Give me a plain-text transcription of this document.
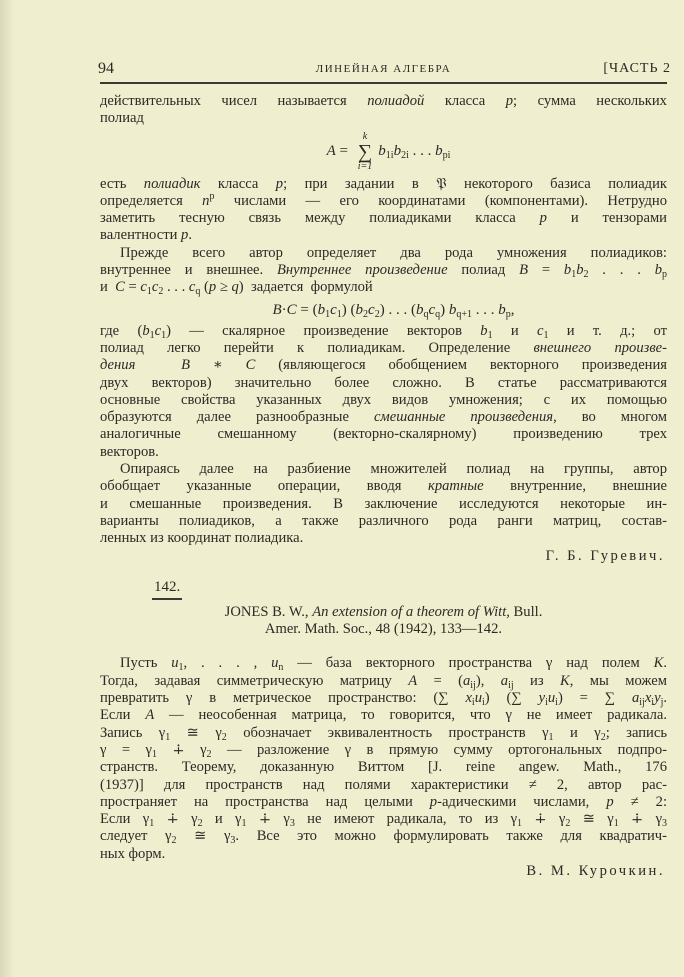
94	ЛИНЕЙНАЯ АЛГЕБРА	[ЧАСТЬ 2
действительных чисел называется полиадой класса p; сумма нескольких
полиад
A =
k
∑
i=1
$b_{1i}b_{2i}$ . . . $b_{pi}$
есть полиадик класса p; при задании в 𝔓 некоторого базиса полиадик
определяется $n^p$ числами — его координатами (компонентами). Нетрудно
заметить тесную связь между полиадиками класса p и тензорами
валентности p.
Прежде всего автор определяет два рода умножения полиадиков:
внутреннее и внешнее. Внутреннее произведение полиад $B = b_1b_2$ . . . $b_p$
и  $C = c_1c_2$ . . . $c_q$ (p ≥ q)  задается  формулой
$B\cdot C = (b_1c_1)$ $(b_2c_2)$ . . . $(b_qc_q)$ $b_{q+1}$ . . . $b_p$,
где $(b_1c_1)$ — скалярное произведение векторов $b_1$ и $c_1$ и т. д.; от
полиад легко перейти к полиадикам. Определение внешнего произве-
дения	B ∗ C (являющегося обобщением векторного произведения
двух векторов) значительно более сложно. В статье рассматриваются
основные свойства указанных двух видов умножения; с их помощью
образуются далее разнообразные смешанные произведения, во многом
аналогичные смешанному (векторно-скалярному) произведению трех
векторов.
Опираясь далее на разбиение множителей полиад на группы, автор
обобщает указанные операции, вводя кратные внутренние, внешние
и смешанные произведения. В заключение исследуются некоторые ин-
варианты полиадиков, а также различного рода ранги матриц, состав-
ленных из координат полиадика.
Г. Б. Гуревич.
142.
JONES B. W., An extension of a theorem of Witt, Bull.
Amer. Math. Soc., 48 (1942), 133—142.
Пусть $u_1$, . . . , $u_n$ — база векторного пространства γ над полем K.
Тогда, задавая симметрическую матрицу $A = (a_{ij})$, $a_{ij}$ из K, мы можем
превратить γ в метрическое пространство: (∑ $x_iu_i$) (∑ $y_iu_i$) = ∑ $a_{ij}x_iy_j$.
Если A — неособенная матрица, то говорится, что γ не имеет радикала.
Запись $\gamma_1$ ≅ $\gamma_2$ обозначает эквивалентность пространств $\gamma_1$ и $\gamma_2$; запись
$\gamma = \gamma_1$ ∔ $\gamma_2$ — разложение γ в прямую сумму ортогональных подпро-
странств. Теорему, доказанную Виттом [J. reine angew. Math., 176
(1937)] для пространств над полями характеристики ≠ 2, автор рас-
пространяет на пространства над целыми p-адическими числами, p ≠ 2:
Если $\gamma_1$ ∔ $\gamma_2$ и $\gamma_1$ ∔ $\gamma_3$ не имеют радикала, то из $\gamma_1$ ∔ $\gamma_2$ ≅ $\gamma_1$ ∔ $\gamma_3$
следует $\gamma_2$ ≅ $\gamma_3$. Все это можно формулировать также для квадратич-
ных форм.
В. М. Курочкин.
